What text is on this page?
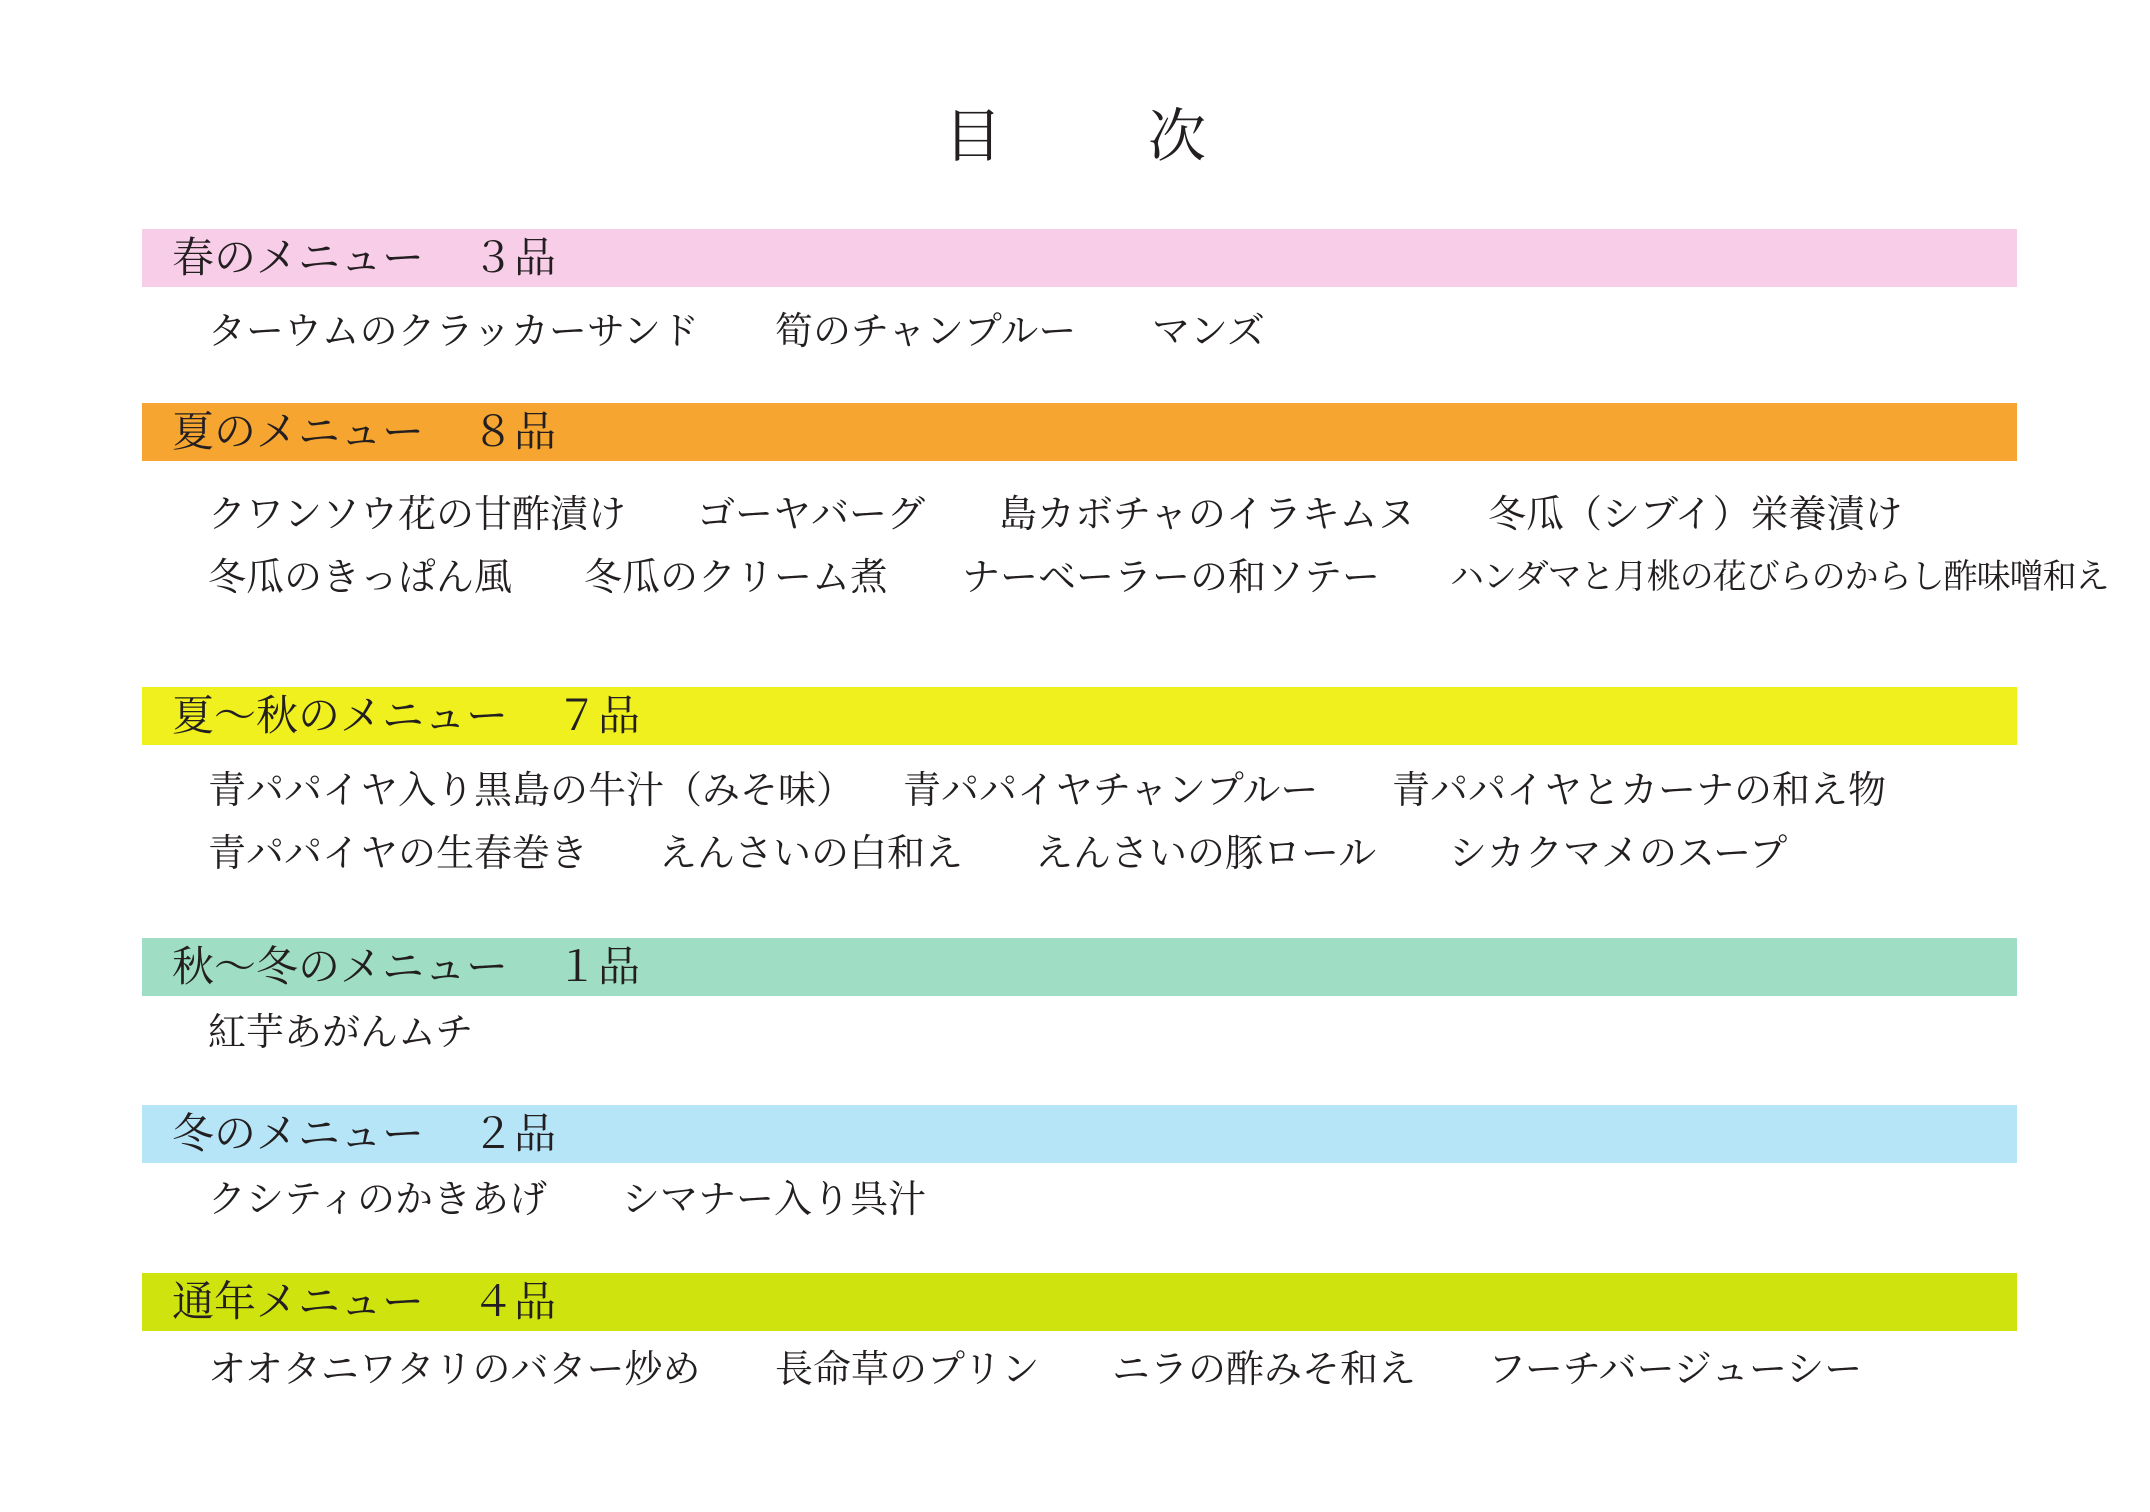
目　次
春のメニュー ３品
ターウムのクラッカーサンド 筍のチャンプルー マンズ
夏のメニュー ８品
クワンソウ花の甘酢漬け ゴーヤバーグ 島カボチャのイラキムヌ 冬瓜（シブイ）栄養漬け
冬瓜のきっぱん風 冬瓜のクリーム煮 ナーベーラーの和ソテー ハンダマと月桃の花びらのからし酢味噌和え
夏〜秋のメニュー ７品
青パパイヤ入り黒島の牛汁（みそ味） 青パパイヤチャンプルー 青パパイヤとカーナの和え物
青パパイヤの生春巻き えんさいの白和え えんさいの豚ロール シカクマメのスープ
秋〜冬のメニュー １品
紅芋あがんムチ
冬のメニュー ２品
クシティのかきあげ シマナー入り呉汁
通年メニュー ４品
オオタニワタリのバター炒め 長命草のプリン ニラの酢みそ和え フーチバージューシー
